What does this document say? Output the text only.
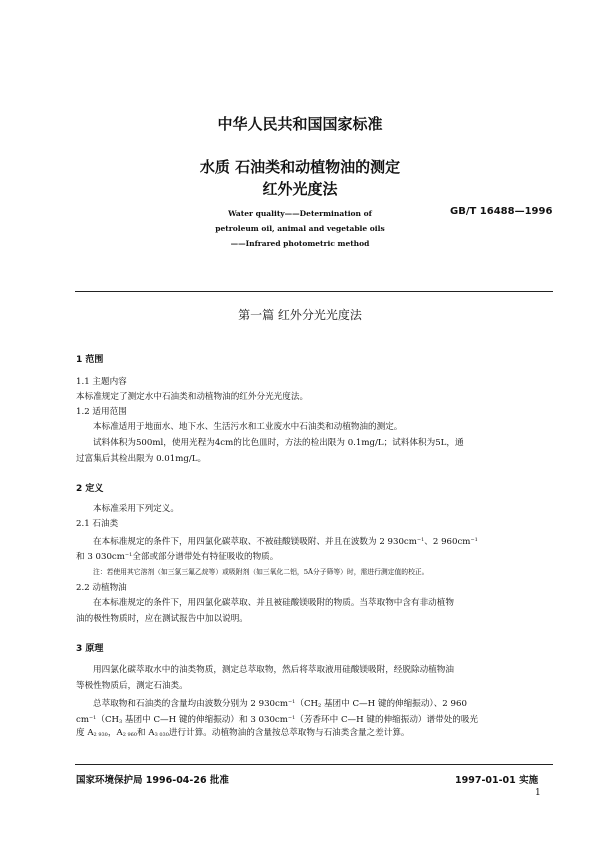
中华人民共和国国家标准
水质 石油类和动植物油的测定
红外光度法
Water quality——Determination of
petroleum oil, animal and vegetable oils
——Infrared photometric method
GB/T 16488—1996
第一篇 红外分光光度法
1 范围
1.1 主题内容
本标准规定了测定水中石油类和动植物油的红外分光光度法。
1.2 适用范围
本标准适用于地面水、地下水、生活污水和工业废水中石油类和动植物油的测定。
试料体积为500ml，使用光程为4cm的比色皿时，方法的检出限为 0.1mg/L；试料体积为5L，通
过富集后其检出限为 0.01mg/L。
2 定义
本标准采用下列定义。
2.1 石油类
在本标准规定的条件下，用四氯化碳萃取、不被硅酸镁吸附、并且在波数为 2 $930cm^{-1}$、2 $960cm^{-1}$
和 3 $030cm^{-1}$全部或部分谱带处有特征吸收的物质。
注：若使用其它溶剂（如三氯三氟乙烷等）或吸附剂（如三氧化二铝，5Å分子筛等）时，需进行测定值的校正。
2.2 动植物油
在本标准规定的条件下，用四氯化碳萃取、并且被硅酸镁吸附的物质。当萃取物中含有非动植物
油的极性物质时，应在测试报告中加以说明。
3 原理
用四氯化碳萃取水中的油类物质，测定总萃取物，然后将萃取液用硅酸镁吸附，经脱除动植物油
等极性物质后，测定石油类。
总萃取物和石油类的含量均由波数分别为 2 $930cm^{-1}(CH_2$ 基团中 C—H 键的伸缩振动）、2 960
$cm^{-1}(CH_3$ 基团中 C—H 键的伸缩振动）和 3 $030cm^{-1}$（芳香环中 C—H 键的伸缩振动）谱带处的吸光
度 $A_{2 930}$，$A_{2 960}$和 $A_{3 030}$进行计算。动植物油的含量按总萃取物与石油类含量之差计算。
国家环境保护局 1996-04-26 批准	1997-01-01 实施
1
